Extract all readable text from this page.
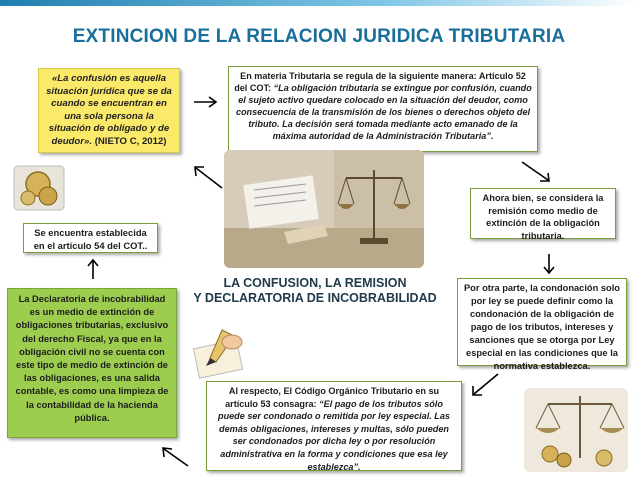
EXTINCION DE LA RELACION JURIDICA TRIBUTARIA
«La confusión es aquella situación jurídica que se da cuando se encuentran en una sola persona la situación de obligado y de deudor». (NIETO C, 2012)
En materia Tributaria se regula de la siguiente manera: Artículo 52 del COT: “La obligación tributaria se extingue por confusión, cuando el sujeto activo quedare colocado en la situación del deudor, como consecuencia de la transmisión de los bienes o derechos objeto del tributo. La decisión será tomada mediante acto emanado de la máxima autoridad de la Administración Tributaria”.
Se encuentra establecida en el artículo 54 del COT..
Ahora bien, se considera la remisión como medio de extinción de la obligación tributaria.
LA CONFUSION, LA REMISION
Y DECLARATORIA DE INCOBRABILIDAD
La Declaratoria de incobrabilidad es un medio de extinción de obligaciones tributarias, exclusivo del derecho Fiscal, ya que en la obligación civil no se cuenta con este tipo de medio de extinción de las obligaciones, es una salida contable, es como una limpieza de la contabilidad de la hacienda pública.
Por otra parte, la condonación solo por ley se puede definir como la condonación de la obligación de pago de los tributos, intereses y sanciones que se otorga por Ley especial en las condiciones que la normativa establezca.
Al respecto, El Código Orgánico Tributario en su artículo 53 consagra: “El pago de los tributos sólo puede ser condonado o remitida por ley especial. Las demás obligaciones, intereses y multas, sólo pueden ser condonados por dicha ley o por resolución administrativa en la forma y condiciones que esa ley establezca”.
